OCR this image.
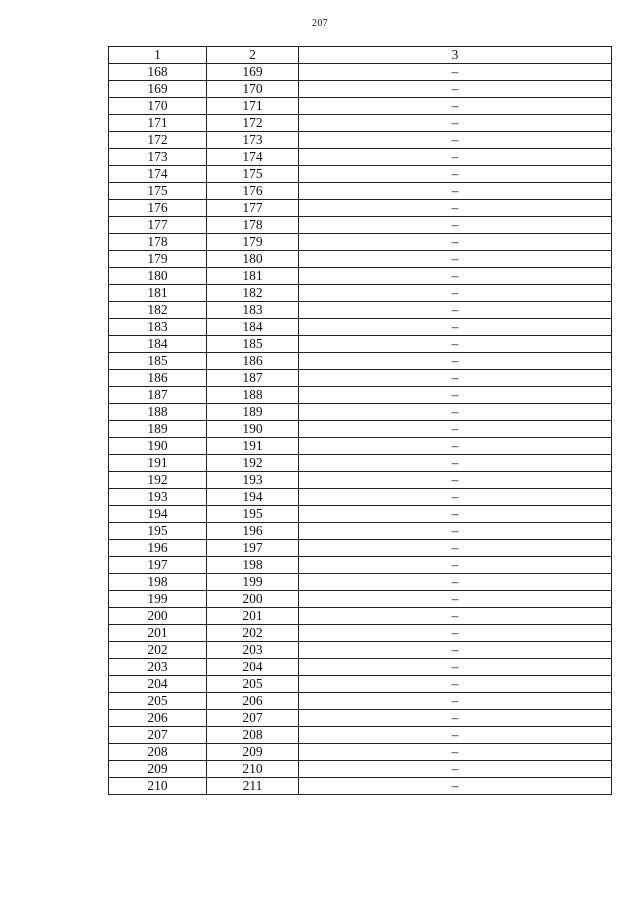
207
1	2	3
168	169	–
169	170	–
170	171	–
171	172	–
172	173	–
173	174	–
174	175	–
175	176	–
176	177	–
177	178	–
178	179	–
179	180	–
180	181	–
181	182	–
182	183	–
183	184	–
184	185	–
185	186	–
186	187	–
187	188	–
188	189	–
189	190	–
190	191	–
191	192	–
192	193	–
193	194	–
194	195	–
195	196	–
196	197	–
197	198	–
198	199	–
199	200	–
200	201	–
201	202	–
202	203	–
203	204	–
204	205	–
205	206	–
206	207	–
207	208	–
208	209	–
209	210	–
210	211	–
